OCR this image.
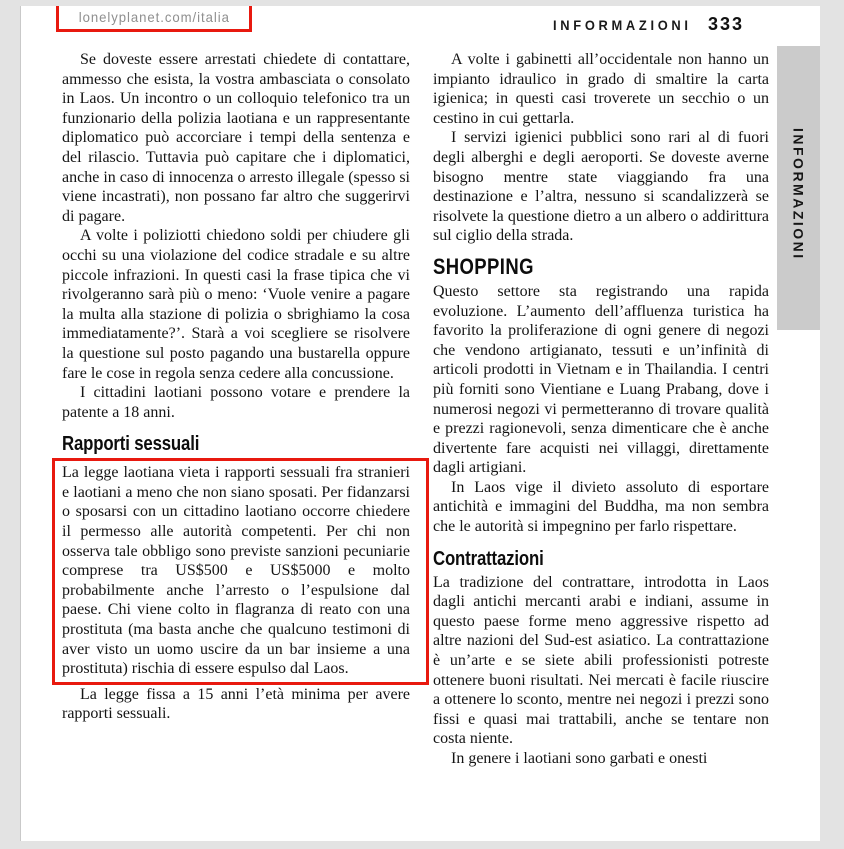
lonelyplanet.com/italia	INFORMAZIONI 333

Se doveste essere arrestati chiedete di contattare, ammesso che esista, la vostra ambasciata o consolato in Laos. Un incontro o un colloquio telefonico tra un funzionario della polizia laotiana e un rappresentante diplomatico può accorciare i tempi della sentenza e del rilascio. Tuttavia può capitare che i diplomatici, anche in caso di innocenza o arresto illegale (spesso si viene incastrati), non possano far altro che suggerirvi di pagare.

A volte i poliziotti chiedono soldi per chiudere gli occhi su una violazione del codice stradale e su altre piccole infrazioni. In questi casi la frase tipica che vi rivolgeranno sarà più o meno: ‘Vuole venire a pagare la multa alla stazione di polizia o sbrighiamo la cosa immediatamente?’. Starà a voi scegliere se risolvere la questione sul posto pagando una bustarella oppure fare le cose in regola senza cedere alla concussione.

I cittadini laotiani possono votare e prendere la patente a 18 anni.

Rapporti sessuali

La legge laotiana vieta i rapporti sessuali fra stranieri e laotiani a meno che non siano sposati. Per fidanzarsi o sposarsi con un cittadino laotiano occorre chiedere il permesso alle autorità competenti. Per chi non osserva tale obbligo sono previste sanzioni pecuniarie comprese tra US$500 e US$5000 e molto probabilmente anche l’arresto o l’espulsione dal paese. Chi viene colto in flagranza di reato con una prostituta (ma basta anche che qualcuno testimoni di aver visto un uomo uscire da un bar insieme a una prostituta) rischia di essere espulso dal Laos.

La legge fissa a 15 anni l’età minima per avere rapporti sessuali.

A volte i gabinetti all’occidentale non hanno un impianto idraulico in grado di smaltire la carta igienica; in questi casi troverete un secchio o un cestino in cui gettarla.

I servizi igienici pubblici sono rari al di fuori degli alberghi e degli aeroporti. Se doveste averne bisogno mentre state viaggiando fra una destinazione e l’altra, nessuno si scandalizzerà se risolvete la questione dietro a un albero o addirittura sul ciglio della strada.

SHOPPING

Questo settore sta registrando una rapida evoluzione. L’aumento dell’affluenza turistica ha favorito la proliferazione di ogni genere di negozi che vendono artigianato, tessuti e un’infinità di articoli prodotti in Vietnam e in Thailandia. I centri più forniti sono Vientiane e Luang Prabang, dove i numerosi negozi vi permetteranno di trovare qualità e prezzi ragionevoli, senza dimenticare che è anche divertente fare acquisti nei villaggi, direttamente dagli artigiani.

In Laos vige il divieto assoluto di esportare antichità e immagini del Buddha, ma non sembra che le autorità si impegnino per farlo rispettare.

Contrattazioni

La tradizione del contrattare, introdotta in Laos dagli antichi mercanti arabi e indiani, assume in questo paese forme meno aggressive rispetto ad altre nazioni del Sud-est asiatico. La contrattazione è un’arte e se siete abili professionisti potreste ottenere buoni risultati. Nei mercati è facile riuscire a ottenere lo sconto, mentre nei negozi i prezzi sono fissi e quasi mai trattabili, anche se tentare non costa niente.

In genere i laotiani sono garbati e onesti

INFORMAZIONI
